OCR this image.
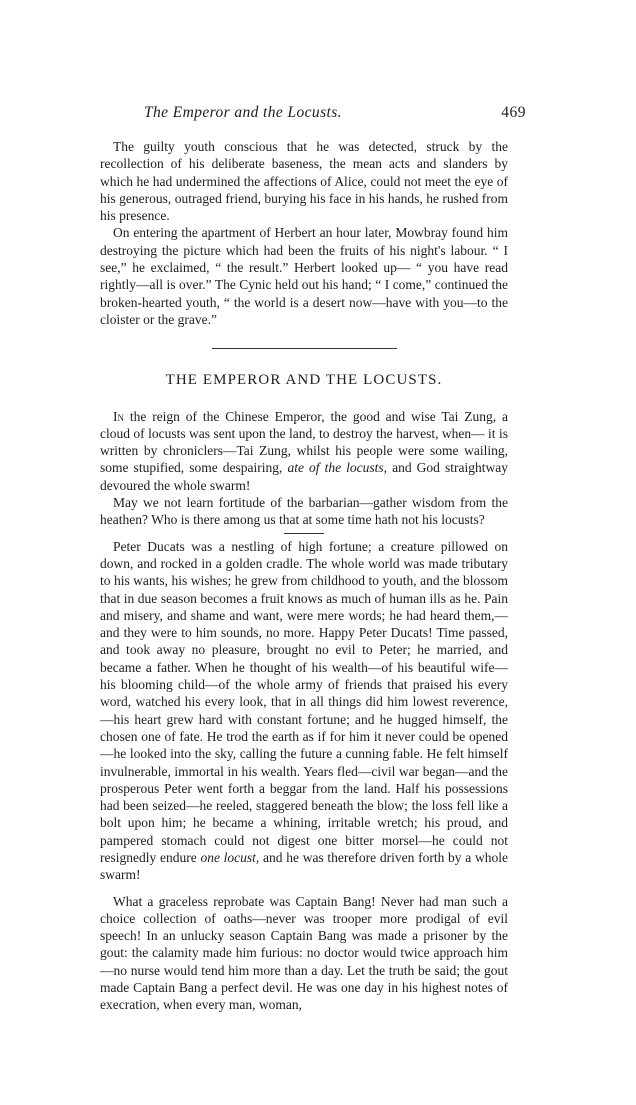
The Emperor and the Locusts.	469

The guilty youth conscious that he was detected, struck by the recollection of his deliberate baseness, the mean acts and slanders by which he had undermined the affections of Alice, could not meet the eye of his generous, outraged friend, burying his face in his hands, he rushed from his presence.

On entering the apartment of Herbert an hour later, Mowbray found him destroying the picture which had been the fruits of his night's labour. “ I see,” he exclaimed, “ the result.” Herbert looked up— “ you have read rightly—all is over.” The Cynic held out his hand; “ I come,” continued the broken-hearted youth, “ the world is a desert now—have with you—to the cloister or the grave.”

THE EMPEROR AND THE LOCUSTS.

In the reign of the Chinese Emperor, the good and wise Tai Zung, a cloud of locusts was sent upon the land, to destroy the harvest, when— it is written by chroniclers—Tai Zung, whilst his people were some wailing, some stupified, some despairing, ate of the locusts, and God straightway devoured the whole swarm!

May we not learn fortitude of the barbarian—gather wisdom from the heathen? Who is there among us that at some time hath not his locusts?

Peter Ducats was a nestling of high fortune; a creature pillowed on down, and rocked in a golden cradle. The whole world was made tributary to his wants, his wishes; he grew from childhood to youth, and the blossom that in due season becomes a fruit knows as much of human ills as he. Pain and misery, and shame and want, were mere words; he had heard them,—and they were to him sounds, no more. Happy Peter Ducats! Time passed, and took away no pleasure, brought no evil to Peter; he married, and became a father. When he thought of his wealth—of his beautiful wife—his blooming child—of the whole army of friends that praised his every word, watched his every look, that in all things did him lowest reverence,—his heart grew hard with constant fortune; and he hugged himself, the chosen one of fate. He trod the earth as if for him it never could be opened—he looked into the sky, calling the future a cunning fable. He felt himself invulnerable, immortal in his wealth. Years fled—civil war began—and the prosperous Peter went forth a beggar from the land. Half his possessions had been seized—he reeled, staggered beneath the blow; the loss fell like a bolt upon him; he became a whining, irritable wretch; his proud, and pampered stomach could not digest one bitter morsel—he could not resignedly endure one locust, and he was therefore driven forth by a whole swarm!

What a graceless reprobate was Captain Bang! Never had man such a choice collection of oaths—never was trooper more prodigal of evil speech! In an unlucky season Captain Bang was made a prisoner by the gout: the calamity made him furious: no doctor would twice approach him—no nurse would tend him more than a day. Let the truth be said; the gout made Captain Bang a perfect devil. He was one day in his highest notes of execration, when every man, woman,
